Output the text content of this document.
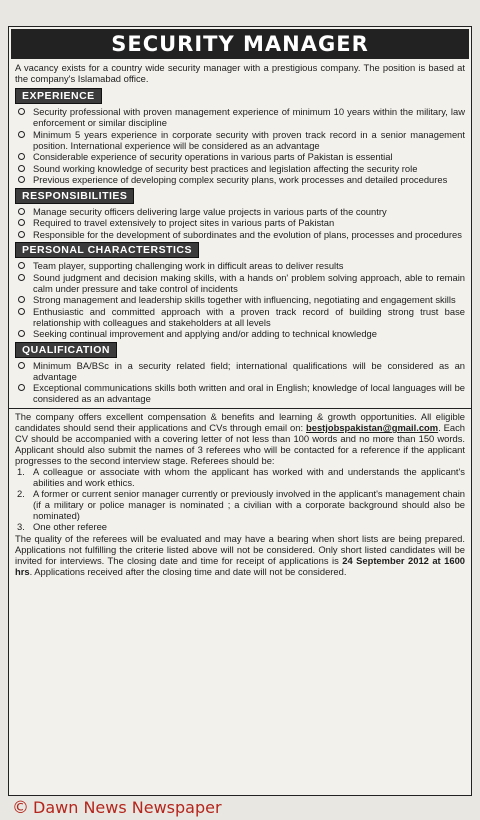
SECURITY MANAGER
A vacancy exists for a country wide security manager with a prestigious company. The position is based at the company's Islamabad office.
EXPERIENCE
Security professional with proven management experience of minimum 10 years within the military, law enforcement or similar discipline
Minimum 5 years experience in corporate security with proven track record in a senior management position. International experience will be considered as an advantage
Considerable experience of security operations in various parts of Pakistan is essential
Sound working knowledge of security best practices and legislation affecting the security role
Previous experience of developing complex security plans, work processes and detailed procedures
RESPONSIBILITIES
Manage security officers delivering large value projects in various parts of the country
Required to travel extensively to project sites in various parts of Pakistan
Responsible for the development of subordinates and the evolution of plans, processes and procedures
PERSONAL CHARACTERSTICS
Team player, supporting challenging work in difficult areas to deliver results
Sound judgment and decision making skills, with a hands on' problem solving approach, able to remain calm under pressure and take control of incidents
Strong management and leadership skills together with influencing, negotiating and engagement skills
Enthusiastic and committed approach with a proven track record of building strong trust base relationship with colleagues and stakeholders at all levels
Seeking continual improvement and applying and/or adding to technical knowledge
QUALIFICATION
Minimum BA/BSc in a security related field; international qualifications will be considered as an advantage
Exceptional communications skills both written and oral in English; knowledge of local languages will be considered as an advantage
The company offers excellent compensation & benefits and learning & growth opportunities. All eligible candidates should send their applications and CVs through email on: bestjobspakistan@gmail.com. Each CV should be accompanied with a covering letter of not less than 100 words and no more than 150 words. Applicant should also submit the names of 3 referees who will be contacted for a reference if the applicant progresses to the second interview stage. Referees should be:
1. A colleague or associate with whom the applicant has worked with and understands the applicant's abilities and work ethics.
2. A former or current senior manager currently or previously involved in the applicant's management chain (if a military or police manager is nominated ; a civilian with a corporate background should also be nominated)
3. One other referee
The quality of the referees will be evaluated and may have a bearing when short lists are being prepared. Applications not fulfilling the criterie listed above will not be considered. Only short listed candidates will be invited for interviews. The closing date and time for receipt of applications is 24 September 2012 at 1600 hrs. Applications received after the closing time and date will not be considered.
© Dawn News Newspaper
